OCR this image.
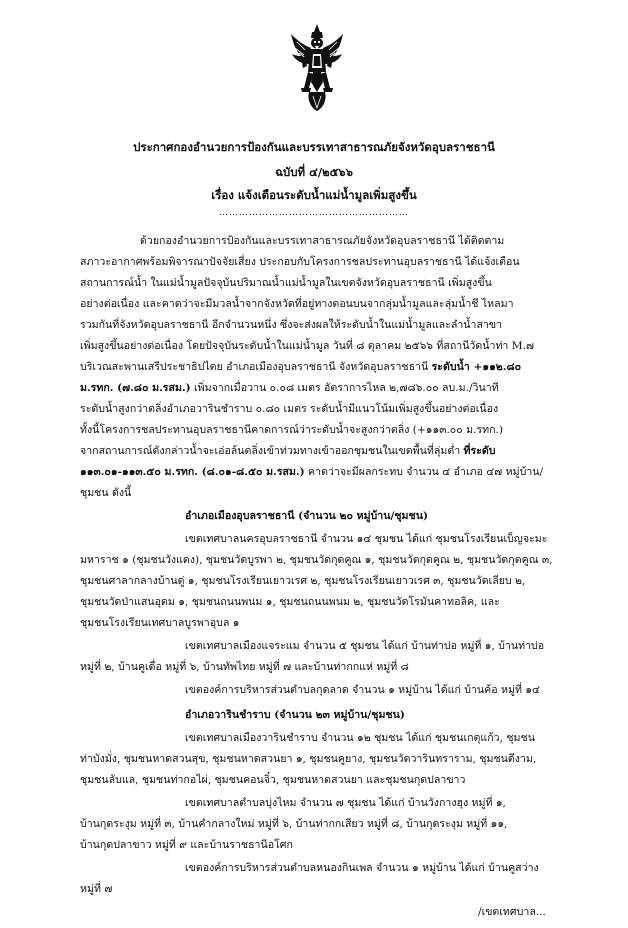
ประกาศกองอำนวยการป้องกันและบรรเทาสาธารณภัยจังหวัดอุบลราชธานี
ฉบับที่ ๔/๒๕๖๖
เรื่อง แจ้งเตือนระดับน้ำแม่น้ำมูลเพิ่มสูงขึ้น
…………………………………………………
ด้วยกองอำนวยการป้องกันและบรรเทาสาธารณภัยจังหวัดอุบลราชธานี ได้ติดตาม
สภาวะอากาศพร้อมพิจารณาปัจจัยเสี่ยง ประกอบกับโครงการชลประทานอุบลราชธานี ได้แจ้งเตือน
สถานการณ์น้ำ ในแม่น้ำมูลปัจจุบันปริมาณน้ำแม่น้ำมูลในเขตจังหวัดอุบลราชธานี เพิ่มสูงขึ้น
อย่างต่อเนื่อง และคาดว่าจะมีมวลน้ำจากจังหวัดที่อยู่ทางตอนบนจากลุ่มน้ำมูลและลุ่มน้ำชี ไหลมา
รวมกันที่จังหวัดอุบลราชธานี อีกจำนวนหนึ่ง ซึ่งจะส่งผลให้ระดับน้ำในแม่น้ำมูลและลำน้ำสาขา
เพิ่มสูงขึ้นอย่างต่อเนื่อง โดยปัจจุบันระดับน้ำในแม่น้ำมูล วันที่ ๘ ตุลาคม ๒๕๖๖ ที่สถานีวัดน้ำท่า M.๗
บริเวณสะพานเสรีประชาธิปไตย อำเภอเมืองอุบลราชธานี จังหวัดอุบลราชธานี ระดับน้ำ +๑๑๒.๘๐
ม.รทก. (๗.๘๐ ม.รสม.) เพิ่มจากเมื่อวาน ๐.๐๘ เมตร อัตราการไหล ๒,๗๘๖.๐๐ ลบ.ม./วินาที
ระดับน้ำสูงกว่าตลิ่งอำเภอวารินชำราบ ๐.๘๐ เมตร ระดับน้ำมีแนวโน้มเพิ่มสูงขึ้นอย่างต่อเนื่อง
ทั้งนี้โครงการชลประทานอุบลราชธานีคาดการณ์ว่าระดับน้ำจะสูงกว่าตลิ่ง (+๑๑๓.๐๐ ม.รทก.)
จากสถานการณ์ดังกล่าวน้ำจะเอ่อล้นตลิ่งเข้าท่วมทางเข้าออกชุมชนในเขตพื้นที่ลุ่มต่ำ ที่ระดับ
๑๑๓.๐๑-๑๑๓.๕๐ ม.รทก. (๘.๐๑-๘.๕๐ ม.รสม.) คาดว่าจะมีผลกระทบ จำนวน ๔ อำเภอ ๔๗ หมู่บ้าน/
ชุมชน ดังนี้
อำเภอเมืองอุบลราชธานี (จำนวน ๒๐ หมู่บ้าน/ชุมชน)
เขตเทศบาลนครอุบลราชธานี จำนวน ๑๔ ชุมชน ได้แก่ ชุมชนโรงเรียนเบ็ญจะมะ
มหาราช ๑ (ชุมชนวังแดง), ชุมชนวัดบูรพา ๒, ชุมชนวัดกุดคูณ ๑, ชุมชนวัดกุดคูณ ๒, ชุมชนวัดกุดคูณ ๓,
ชุมชนศาลากลางบ้านดู่ ๑, ชุมชนโรงเรียนเยาวเรศ ๒, ชุมชนโรงเรียนเยาวเรศ ๓, ชุมชนวัดเลียบ ๒,
ชุมชนวัดป่าแสนอุดม ๑, ชุมชนถนนพนม ๑, ชุมชนถนนพนม ๒, ชุมชนวัดโรมันคาทอลิค, และ
ชุมชนโรงเรียนเทศบาลบูรพาอุบล ๑
เขตเทศบาลเมืองแจระแม จำนวน ๕ ชุมชน ได้แก่ บ้านท่าบ่อ หมู่ที่ ๑, บ้านท่าบ่อ
หมู่ที่ ๒, บ้านคูเดื่อ หมู่ที่ ๖, บ้านทัพไทย หมู่ที่ ๗ และบ้านท่ากกแห่ หมู่ที่ ๘
เขตองค์การบริหารส่วนตำบลกุดลาด จำนวน ๑ หมู่บ้าน ได้แก่ บ้านค้อ หมู่ที่ ๑๔
อำเภอวารินชำราบ (จำนวน ๒๓ หมู่บ้าน/ชุมชน)
เขตเทศบาลเมืองวารินชำราบ จำนวน ๑๒ ชุมชน ได้แก่ ชุมชนเกตุแก้ว, ชุมชน
ท่าบังมั่ง, ชุมชนหาดสวนสุข, ชุมชนหาดสวนยา ๑, ชุมชนคูยาง, ชุมชนวัดวารินทราราม, ชุมชนดีงาม,
ชุมชนลับแล, ชุมชนท่ากอไผ่, ชุมชนคอนจิ๋ว, ชุมชนหาดสวนยา และชุมชนกุดปลาขาว
เขตเทศบาลตำบลบุ่งไหม จำนวน ๗ ชุมชน ได้แก่ บ้านวังกางฮุง หมู่ที่ ๑,
บ้านกุดระงุม หมู่ที่ ๓, บ้านคำกลางใหม่ หมู่ที่ ๖, บ้านท่ากกเสียว หมู่ที่ ๘, บ้านกุดระงุม หมู่ที่ ๑๑,
บ้านกุดปลาขาว หมู่ที่ ๙ และบ้านราชธานีอโศก
เขตองค์การบริหารส่วนตำบลหนองกินเพล จำนวน ๑ หมู่บ้าน ได้แก่ บ้านคูสว่าง
หมู่ที่ ๗
/เขตเทศบาล...
